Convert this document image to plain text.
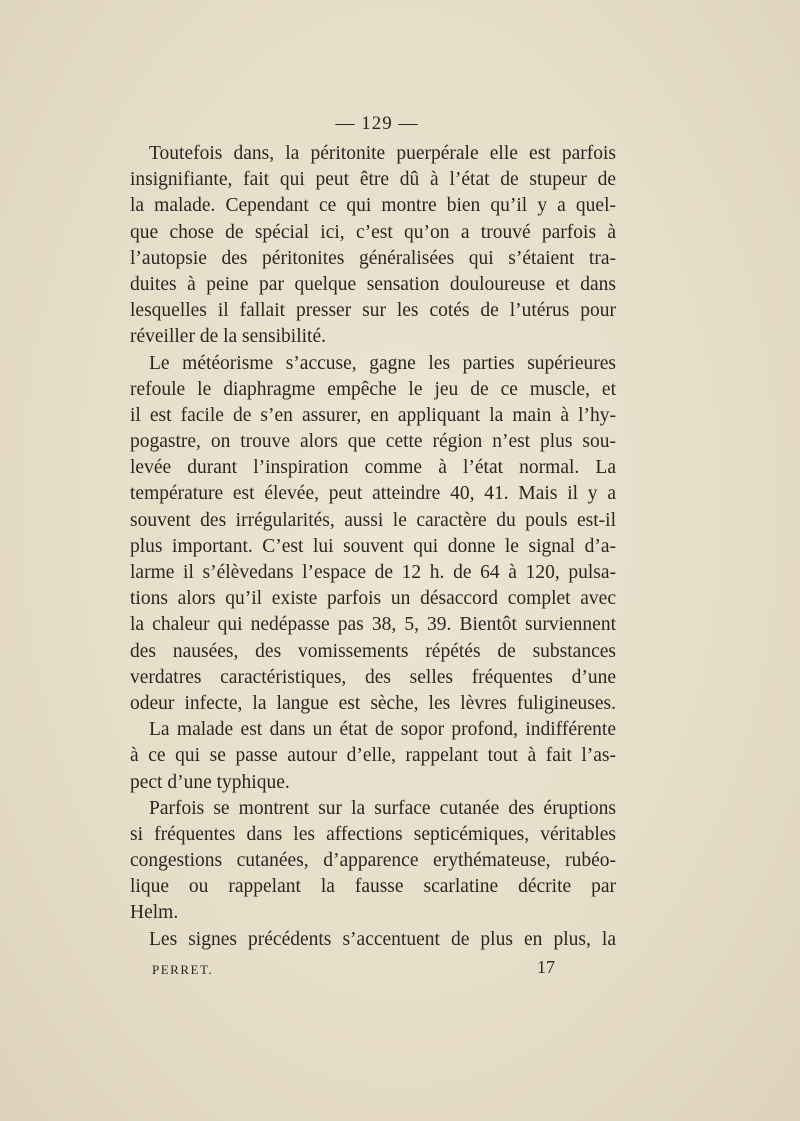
— 129 —
Toutefois dans, la péritonite puerpérale elle est parfois
insignifiante, fait qui peut être dû à l’état de stupeur de
la malade. Cependant ce qui montre bien qu’il y a quel-
que chose de spécial ici, c’est qu’on a trouvé parfois à
l’autopsie des péritonites généralisées qui s’étaient tra-
duites à peine par quelque sensation douloureuse et dans
lesquelles il fallait presser sur les cotés de l’utérus pour
réveiller de la sensibilité.
Le météorisme s’accuse, gagne les parties supérieures
refoule le diaphragme empêche le jeu de ce muscle, et
il est facile de s’en assurer, en appliquant la main à l’hy-
pogastre, on trouve alors que cette région n’est plus sou-
levée durant l’inspiration comme à l’état normal. La
température est élevée, peut atteindre 40, 41. Mais il y a
souvent des irrégularités, aussi le caractère du pouls est-il
plus important. C’est lui souvent qui donne le signal d’a-
larme il s’élèvedans l’espace de 12 h. de 64 à 120, pulsa-
tions alors qu’il existe parfois un désaccord complet avec
la chaleur qui nedépasse pas 38, 5, 39. Bientôt surviennent
des nausées, des vomissements répétés de substances
verdatres caractéristiques, des selles fréquentes d’une
odeur infecte, la langue est sèche, les lèvres fuligineuses.
La malade est dans un état de sopor profond, indifférente
à ce qui se passe autour d’elle, rappelant tout à fait l’as-
pect d’une typhique.
Parfois se montrent sur la surface cutanée des éruptions
si fréquentes dans les affections septicémiques, véritables
congestions cutanées, d’apparence erythémateuse, rubéo-
lique ou rappelant la fausse scarlatine décrite par
Helm.
Les signes précédents s’accentuent de plus en plus, la
PERRET.	17
